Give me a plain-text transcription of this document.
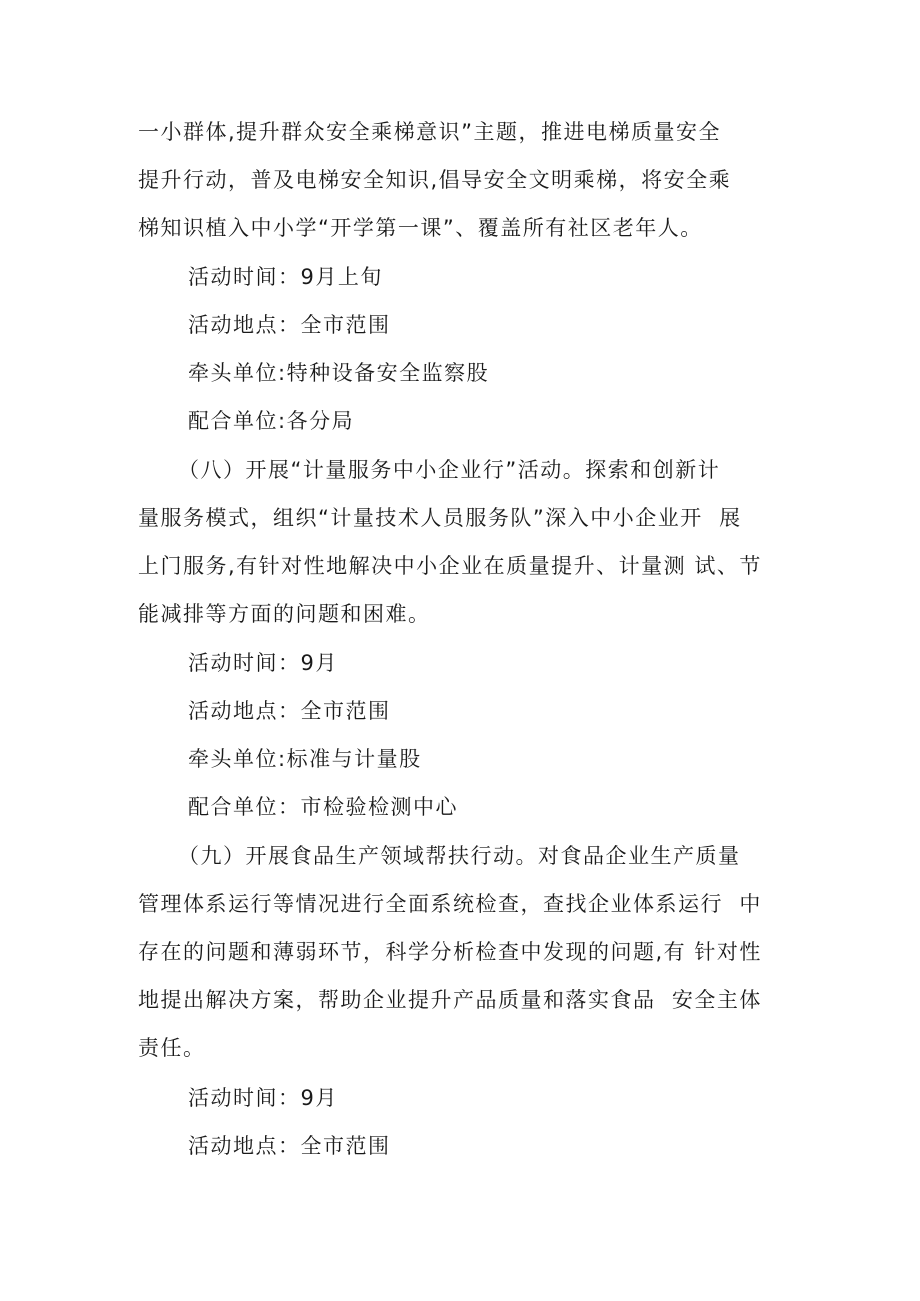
一小群体,提升群众安全乘梯意识”主题，推进电梯质量安全
提升行动，普及电梯安全知识,倡导安全文明乘梯，将安全乘
梯知识植入中小学“开学第一课”、覆盖所有社区老年人。
活动时间：9月上旬
活动地点：全市范围
牵头单位:特种设备安全监察股
配合单位:各分局
（八）开展“计量服务中小企业行”活动。探索和创新计
量服务模式，组织“计量技术人员服务队”深入中小企业开  展
上门服务,有针对性地解决中小企业在质量提升、计量测 试、节
能减排等方面的问题和困难。
活动时间：9月
活动地点：全市范围
牵头单位:标准与计量股
配合单位：市检验检测中心
（九）开展食品生产领域帮扶行动。对食品企业生产质量
管理体系运行等情况进行全面系统检查，查找企业体系运行  中
存在的问题和薄弱环节，科学分析检查中发现的问题,有 针对性
地提出解决方案，帮助企业提升产品质量和落实食品  安全主体
责任。
活动时间：9月
活动地点：全市范围
